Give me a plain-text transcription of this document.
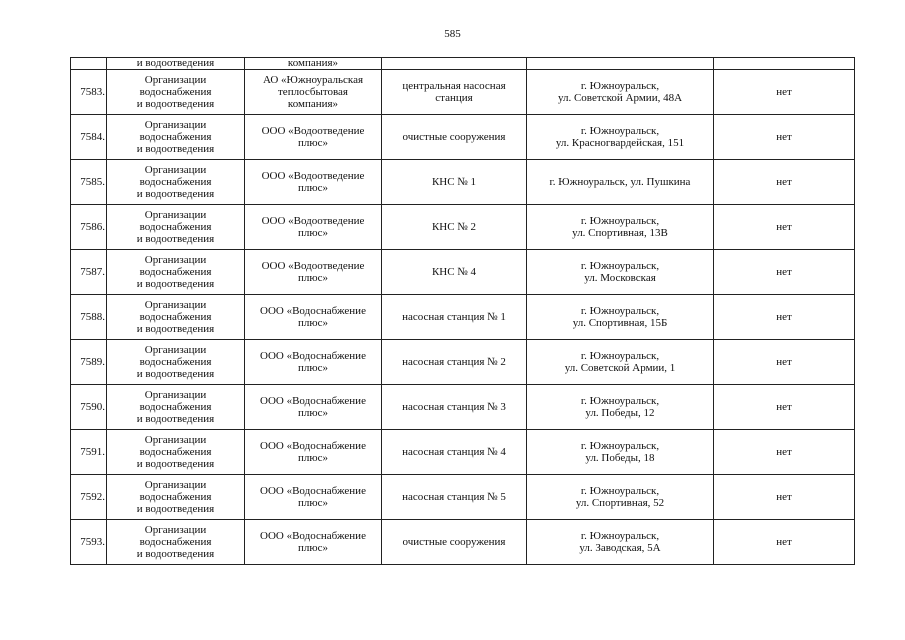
585
	и водоотведения	компания»			
7583.	Организации
водоснабжения
и водоотведения	АО «Южноуральская
теплосбытовая
компания»	центральная насосная
станция	г. Южноуральск,
ул. Советской Армии, 48А	нет
7584.	Организации
водоснабжения
и водоотведения	ООО «Водоотведение
плюс»	очистные сооружения	г. Южноуральск,
ул. Красногвардейская, 151	нет
7585.	Организации
водоснабжения
и водоотведения	ООО «Водоотведение
плюс»	КНС № 1	г. Южноуральск, ул. Пушкина	нет
7586.	Организации
водоснабжения
и водоотведения	ООО «Водоотведение
плюс»	КНС № 2	г. Южноуральск,
ул. Спортивная, 13В	нет
7587.	Организации
водоснабжения
и водоотведения	ООО «Водоотведение
плюс»	КНС № 4	г. Южноуральск,
ул. Московская	нет
7588.	Организации
водоснабжения
и водоотведения	ООО «Водоснабжение
плюс»	насосная станция № 1	г. Южноуральск,
ул. Спортивная, 15Б	нет
7589.	Организации
водоснабжения
и водоотведения	ООО «Водоснабжение
плюс»	насосная станция № 2	г. Южноуральск,
ул. Советской Армии, 1	нет
7590.	Организации
водоснабжения
и водоотведения	ООО «Водоснабжение
плюс»	насосная станция № 3	г. Южноуральск,
ул. Победы, 12	нет
7591.	Организации
водоснабжения
и водоотведения	ООО «Водоснабжение
плюс»	насосная станция № 4	г. Южноуральск,
ул. Победы, 18	нет
7592.	Организации
водоснабжения
и водоотведения	ООО «Водоснабжение
плюс»	насосная станция № 5	г. Южноуральск,
ул. Спортивная, 52	нет
7593.	Организации
водоснабжения
и водоотведения	ООО «Водоснабжение
плюс»	очистные сооружения	г. Южноуральск,
ул. Заводская, 5А	нет
